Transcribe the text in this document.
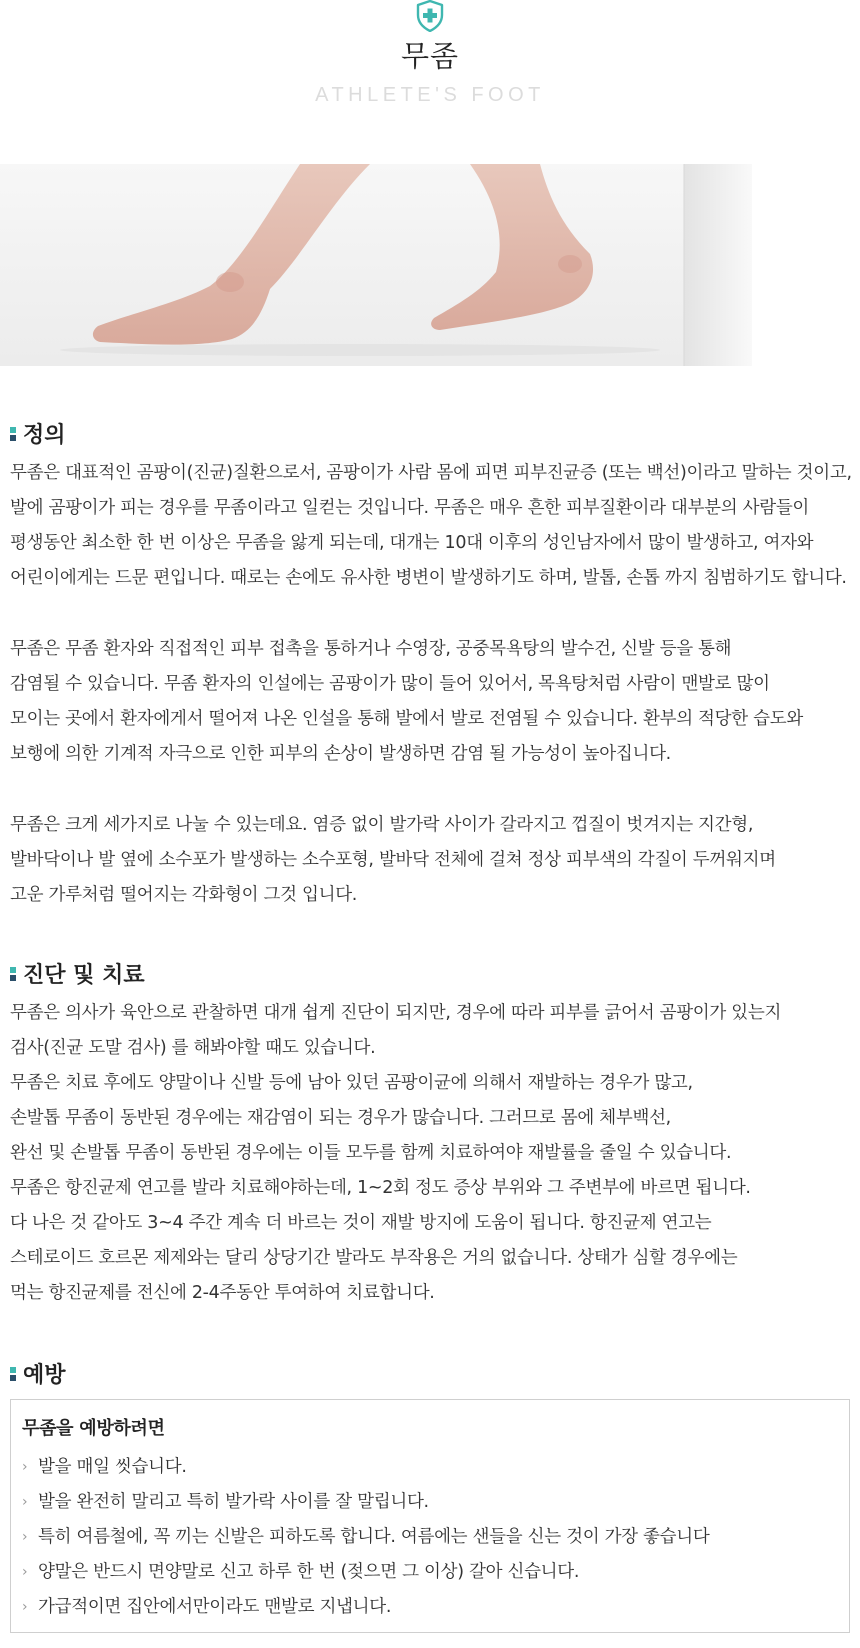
무좀
ATHLETE'S FOOT
정의

무좀은 대표적인 곰팡이(진균)질환으로서, 곰팡이가 사람 몸에 피면 피부진균증 (또는 백선)이라고 말하는 것이고,
발에 곰팡이가 피는 경우를 무좀이라고 일컫는 것입니다. 무좀은 매우 흔한 피부질환이라 대부분의 사람들이
평생동안 최소한 한 번 이상은 무좀을 앓게 되는데, 대개는 10대 이후의 성인남자에서 많이 발생하고, 여자와
어린이에게는 드문 편입니다. 때로는 손에도 유사한 병변이 발생하기도 하며, 발톱, 손톱 까지 침범하기도 합니다.

무좀은 무좀 환자와 직접적인 피부 접촉을 통하거나 수영장, 공중목욕탕의 발수건, 신발 등을 통해
감염될 수 있습니다. 무좀 환자의 인설에는 곰팡이가 많이 들어 있어서, 목욕탕처럼 사람이 맨발로 많이
모이는 곳에서 환자에게서 떨어져 나온 인설을 통해 발에서 발로 전염될 수 있습니다. 환부의 적당한 습도와
보행에 의한 기계적 자극으로 인한 피부의 손상이 발생하면 감염 될 가능성이 높아집니다.

무좀은 크게 세가지로 나눌 수 있는데요. 염증 없이 발가락 사이가 갈라지고 껍질이 벗겨지는 지간형,
발바닥이나 발 옆에 소수포가 발생하는 소수포형, 발바닥 전체에 걸쳐 정상 피부색의 각질이 두꺼워지며
고운 가루처럼 떨어지는 각화형이 그것 입니다.

진단 및 치료

무좀은 의사가 육안으로 관찰하면 대개 쉽게 진단이 되지만, 경우에 따라 피부를 긁어서 곰팡이가 있는지
검사(진균 도말 검사) 를 해봐야할 때도 있습니다.
무좀은 치료 후에도 양말이나 신발 등에 남아 있던 곰팡이균에 의해서 재발하는 경우가 많고,
손발톱 무좀이 동반된 경우에는 재감염이 되는 경우가 많습니다. 그러므로 몸에 체부백선,
완선 및 손발톱 무좀이 동반된 경우에는 이들 모두를 함께 치료하여야 재발률을 줄일 수 있습니다.
무좀은 항진균제 연고를 발라 치료해야하는데, 1~2회 정도 증상 부위와 그 주변부에 바르면 됩니다.
다 나은 것 같아도 3~4 주간 계속 더 바르는 것이 재발 방지에 도움이 됩니다. 항진균제 연고는
스테로이드 호르몬 제제와는 달리 상당기간 발라도 부작용은 거의 없습니다. 상태가 심할 경우에는
먹는 항진균제를 전신에 2-4주동안 투여하여 치료합니다.

예방
무좀을 예방하려면
› 발을 매일 씻습니다.
› 발을 완전히 말리고 특히 발가락 사이를 잘 말립니다.
› 특히 여름철에, 꼭 끼는 신발은 피하도록 합니다. 여름에는 샌들을 신는 것이 가장 좋습니다
› 양말은 반드시 면양말로 신고 하루 한 번 (젖으면 그 이상) 갈아 신습니다.
› 가급적이면 집안에서만이라도 맨발로 지냅니다.
